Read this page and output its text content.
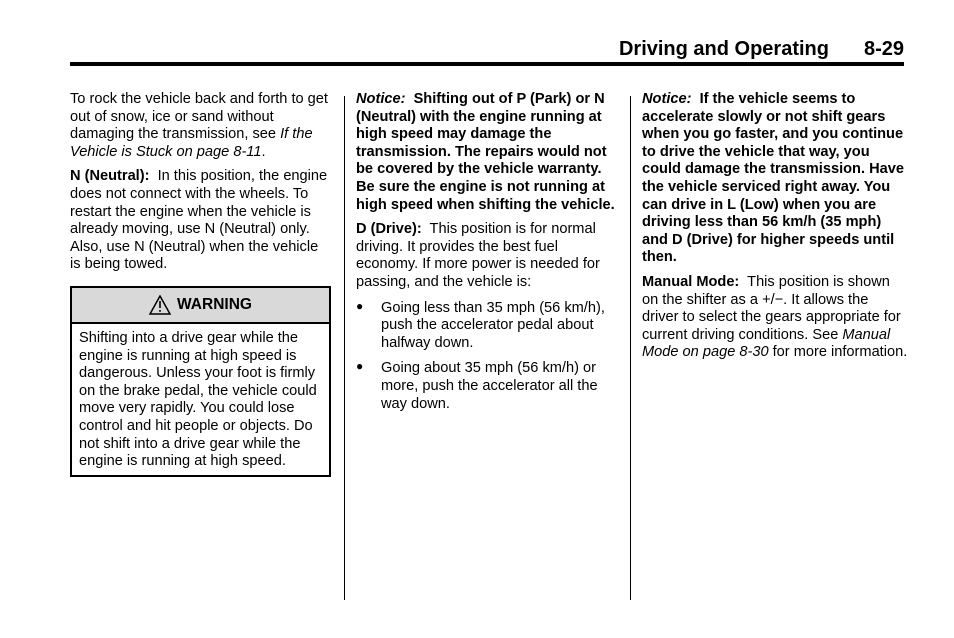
Driving and Operating 8-29

To rock the vehicle back and forth to get out of snow, ice or sand without damaging the transmission, see If the Vehicle is Stuck on page 8-11.

N (Neutral): In this position, the engine does not connect with the wheels. To restart the engine when the vehicle is already moving, use N (Neutral) only. Also, use N (Neutral) when the vehicle is being towed.

WARNING
Shifting into a drive gear while the engine is running at high speed is dangerous. Unless your foot is firmly on the brake pedal, the vehicle could move very rapidly. You could lose control and hit people or objects. Do not shift into a drive gear while the engine is running at high speed.

Notice: Shifting out of P (Park) or N (Neutral) with the engine running at high speed may damage the transmission. The repairs would not be covered by the vehicle warranty. Be sure the engine is not running at high speed when shifting the vehicle.

D (Drive): This position is for normal driving. It provides the best fuel economy. If more power is needed for passing, and the vehicle is:

● Going less than 35 mph (56 km/h), push the accelerator pedal about halfway down.
● Going about 35 mph (56 km/h) or more, push the accelerator all the way down.

Notice: If the vehicle seems to accelerate slowly or not shift gears when you go faster, and you continue to drive the vehicle that way, you could damage the transmission. Have the vehicle serviced right away. You can drive in L (Low) when you are driving less than 56 km/h (35 mph) and D (Drive) for higher speeds until then.

Manual Mode: This position is shown on the shifter as a +/−. It allows the driver to select the gears appropriate for current driving conditions. See Manual Mode on page 8-30 for more information.
